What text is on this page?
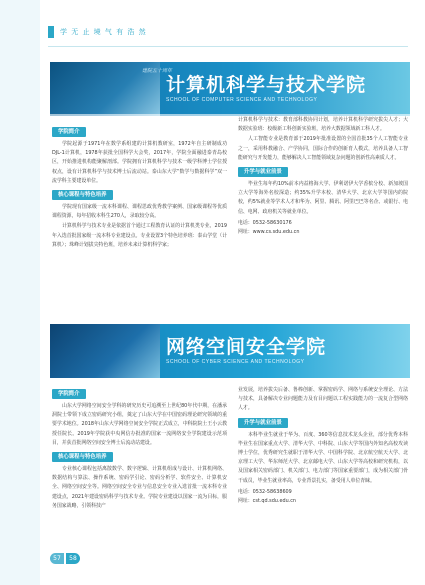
学 无 止 境 气 有 浩 然
建院五十周年
计算机科学与技术学院
SCHOOL OF COMPUTER SCIENCE AND TECHNOLOGY
学院简介

学院起源于1971年在数学系组建的计算机教研室，1972年自主研制成功DJL-1计算机，1978年获批全国科学大会奖，2017年，学院全面融进泰青岛校区，开始推进机构能聚解剖部。学院拥有计算机科学与技术一级学科博士学位授权点，设有计算机科学与技术博士后流动站。泰山东大学“数学与数据科学”双一流学科主要建设单位。

核心课程与特色培养

学院现有国家级一流本科课程、课程思政优秀教学案例、国家级课程等优质课程资源，每年招收本科生270人，录取较分高。

计算机科学与技术专业是依据首个通过工程教育认证的计算机类专业，2019年入选首批国家级一流本科专业建设点。专业设置3个特色培养班：泰山学堂（计算机）；珠峰计划拔尖特色班，培养未来计算机科学家；

计算机科学与技术：教育部科教协同计划，培养计算机科学研究拔尖人才；大数据实验班：校级新工科创新实验班，培养大数据领域新工科人才。

人工智能专业是教育部于2019年批准设置的全国首批35个人工智能专业之一，采用科教融合、产学协同，国际合作的创新育人模式，培养具备人工智能研究与开发能力，能够解决人工智能领域复杂问题的创新性高素质人才。

升学与就业前景

毕业生每年约10%前本内益格海大学、伊利诺伊大学香槟分校、新加坡国立大学等海外名校深造；约35%升学本校、清华大学、北京大学等国内的院校，约5%就业等学术人才和华为、阿里、腾讯、阿里巴巴等名企、或银行、电信、电网、政府机关等就业单位。

电话：0532-58630176
网址：www.cs.sdu.edu.cn
网络空间安全学院
SCHOOL OF CYBER SCIENCE AND TECHNOLOGY
学院简介

山东大学网络空间安全学科的研究历史可追溯至上世纪80年代中期，在潘承洞院士带领下成立密码研究小组，奠定了山东大学在中国密码理论研究领域的重要学术地位。2018年山东大学网络空间安全学院正式成立，中科院院士王小云教授任院长。2019年学院获中央网信办批准的国家一流网络安全学院建设示范项目，并获首批网络空间安全博士后流动站建设。

核心课程与特色培养

专业核心课程包括离散数学、数字逻辑、计算机组成与设计、计算机网络、数据结构与算法、操作系统、密码学引论、密码分析学、软件安全、计算机安全、网络空间安全等。网络空间安全专业与信息安全专业入选首批一流本科专业建设点，2021年建设密码科学与技术专业。学院专业建设以国家一流为目标，服务国家战略，引领科技产

业发展，培养拔尖后备、鲁棒创新、掌握密码学、网络与系统安全理论、方法与技术，具备解决专业问题能力及有目问题以工程实践能力的一流复合型网络人才。

升学与就业前景

本科毕业生就业于华为、百度、360等信息技术龙头企业，部分优秀本科毕业生在国家重点大学、清华大学、中科院、山东大学等国内外知名高校攻读博士学位，优秀研究生就职于清华大学、中国科学院、北京航空航天大学、北京理工大学、华东师范大学、北京邮电大学、山东大学等高校和研究机构，以及国家相关密码部门、机关部门、电力部门等国家重要部门，成为相关部门骨干成员，毕业生就业率高，专业背景扎实，备受用人单位青睐。

电话：0532-58638609
网址：cst.qd.sdu.edu.cn
57	58
